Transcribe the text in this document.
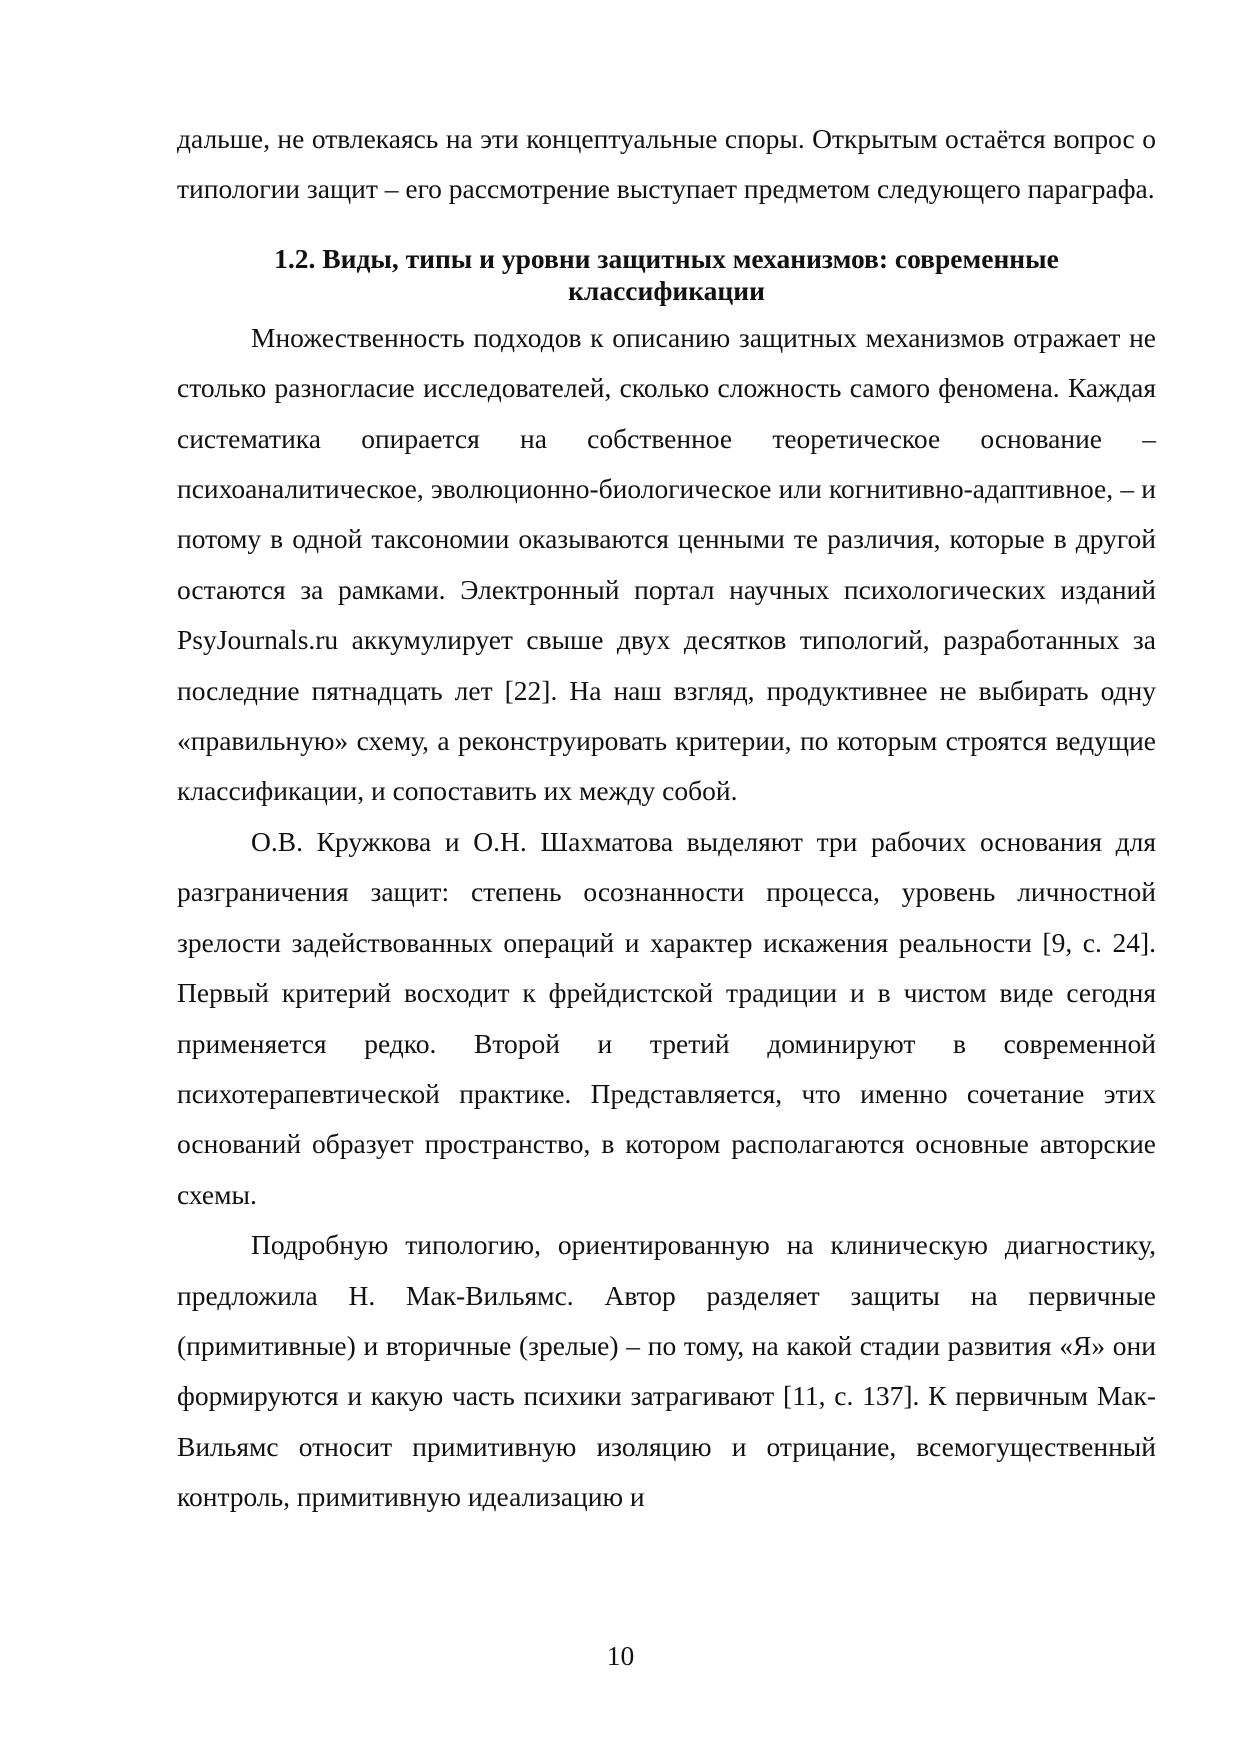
дальше, не отвлекаясь на эти концептуальные споры. Открытым остаётся вопрос о типологии защит – его рассмотрение выступает предметом следующего параграфа.

1.2. Виды, типы и уровни защитных механизмов: современные классификации

Множественность подходов к описанию защитных механизмов отражает не столько разногласие исследователей, сколько сложность самого феномена. Каждая систематика опирается на собственное теоретическое основание – психоаналитическое, эволюционно-биологическое или когнитивно-адаптивное, – и потому в одной таксономии оказываются ценными те различия, которые в другой остаются за рамками. Электронный портал научных психологических изданий PsyJournals.ru аккумулирует свыше двух десятков типологий, разработанных за последние пятнадцать лет [22]. На наш взгляд, продуктивнее не выбирать одну «правильную» схему, а реконструировать критерии, по которым строятся ведущие классификации, и сопоставить их между собой.

О.В. Кружкова и О.Н. Шахматова выделяют три рабочих основания для разграничения защит: степень осознанности процесса, уровень личностной зрелости задействованных операций и характер искажения реальности [9, с. 24]. Первый критерий восходит к фрейдистской традиции и в чистом виде сегодня применяется редко. Второй и третий доминируют в современной психотерапевтической практике. Представляется, что именно сочетание этих оснований образует пространство, в котором располагаются основные авторские схемы.

Подробную типологию, ориентированную на клиническую диагностику, предложила Н. Мак-Вильямс. Автор разделяет защиты на первичные (примитивные) и вторичные (зрелые) – по тому, на какой стадии развития «Я» они формируются и какую часть психики затрагивают [11, с. 137]. К первичным Мак-Вильямс относит примитивную изоляцию и отрицание, всемогущественный контроль, примитивную идеализацию и

10
